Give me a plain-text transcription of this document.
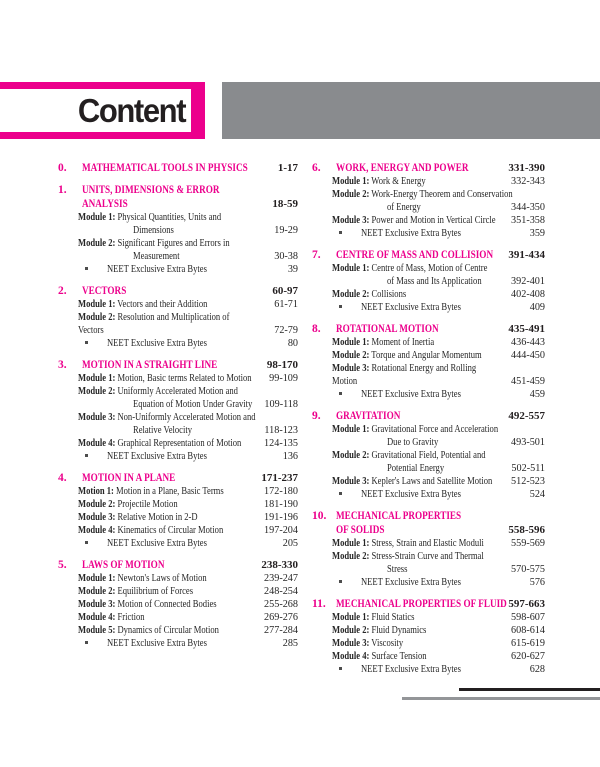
Content
0.	MATHEMATICAL TOOLS IN PHYSICS	1-17
1.	UNITS, DIMENSIONS & ERROR
ANALYSIS	18-59
Module 1: Physical Quantities, Units and
Dimensions	19-29
Module 2: Significant Figures and Errors in
Measurement	30-38
NEET Exclusive Extra Bytes	39
2.	VECTORS	60-97
Module 1: Vectors and their Addition	61-71
Module 2: Resolution and Multiplication of
Vectors	72-79
NEET Exclusive Extra Bytes	80
3.	MOTION IN A STRAIGHT LINE	98-170
Module 1: Motion, Basic terms Related to Motion	99-109
Module 2: Uniformly Accelerated Motion and
Equation of Motion Under Gravity	109-118
Module 3: Non-Uniformly Accelerated Motion and
Relative Velocity	118-123
Module 4: Graphical Representation of Motion	124-135
NEET Exclusive Extra Bytes	136
4.	MOTION IN A PLANE	171-237
Motion 1: Motion in a Plane, Basic Terms	172-180
Module 2: Projectile Motion	181-190
Module 3: Relative Motion in 2-D	191-196
Module 4: Kinematics of Circular Motion	197-204
NEET Exclusive Extra Bytes	205
5.	LAWS OF MOTION	238-330
Module 1: Newton's Laws of Motion	239-247
Module 2: Equilibrium of Forces	248-254
Module 3: Motion of Connected Bodies	255-268
Module 4: Friction	269-276
Module 5: Dynamics of Circular Motion	277-284
NEET Exclusive Extra Bytes	285
6.	WORK, ENERGY AND POWER	331-390
Module 1: Work & Energy	332-343
Module 2: Work-Energy Theorem and Conservation
of Energy	344-350
Module 3: Power and Motion in Vertical Circle	351-358
NEET Exclusive Extra Bytes	359
7.	CENTRE OF MASS AND COLLISION	391-434
Module 1: Centre of Mass, Motion of Centre
of Mass and Its Application	392-401
Module 2: Collisions	402-408
NEET Exclusive Extra Bytes	409
8.	ROTATIONAL MOTION	435-491
Module 1: Moment of Inertia	436-443
Module 2: Torque and Angular Momentum	444-450
Module 3: Rotational Energy and Rolling
Motion	451-459
NEET Exclusive Extra Bytes	459
9.	GRAVITATION	492-557
Module 1: Gravitational Force and Acceleration
Due to Gravity	493-501
Module 2: Gravitational Field, Potential and
Potential Energy	502-511
Module 3: Kepler's Laws and Satellite Motion	512-523
NEET Exclusive Extra Bytes	524
10. MECHANICAL PROPERTIES
OF SOLIDS	558-596
Module 1: Stress, Strain and Elastic Moduli	559-569
Module 2: Stress-Strain Curve and Thermal
Stress	570-575
NEET Exclusive Extra Bytes	576
11. MECHANICAL PROPERTIES OF FLUID 597-663
Module 1: Fluid Statics	598-607
Module 2: Fluid Dynamics	608-614
Module 3: Viscosity	615-619
Module 4: Surface Tension	620-627
NEET Exclusive Extra Bytes	628
